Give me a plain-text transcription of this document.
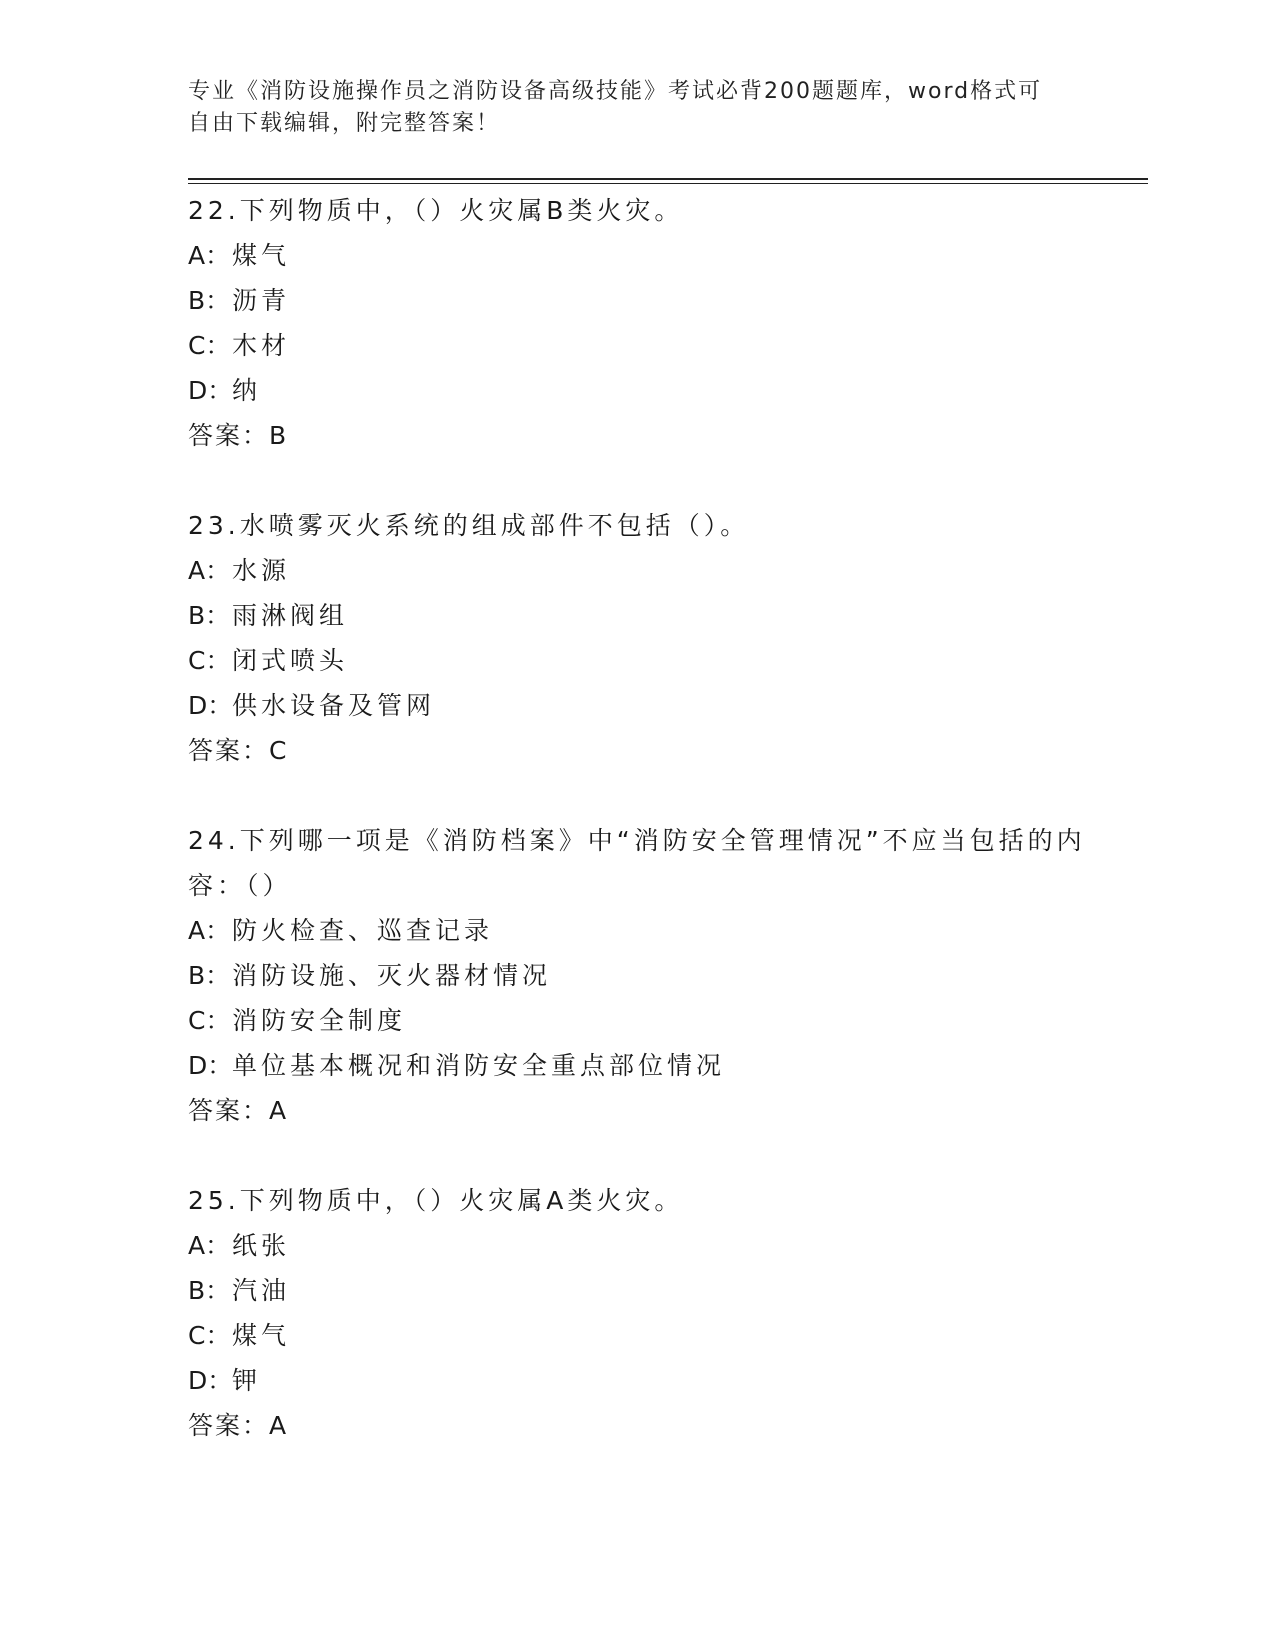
专业《消防设施操作员之消防设备高级技能》考试必背200题题库，word格式可
自由下载编辑，附完整答案！
22.下列物质中，（）火灾属B类火灾。
A：煤气
B：沥青
C：木材
D：纳
答案：B
23.水喷雾灭火系统的组成部件不包括（）。
A：水源
B：雨淋阀组
C：闭式喷头
D：供水设备及管网
答案：C
24.下列哪一项是《消防档案》中“消防安全管理情况”不应当包括的内容：（）
A：防火检查、巡查记录
B：消防设施、灭火器材情况
C：消防安全制度
D：单位基本概况和消防安全重点部位情况
答案：A
25.下列物质中，（）火灾属A类火灾。
A：纸张
B：汽油
C：煤气
D：钾
答案：A
